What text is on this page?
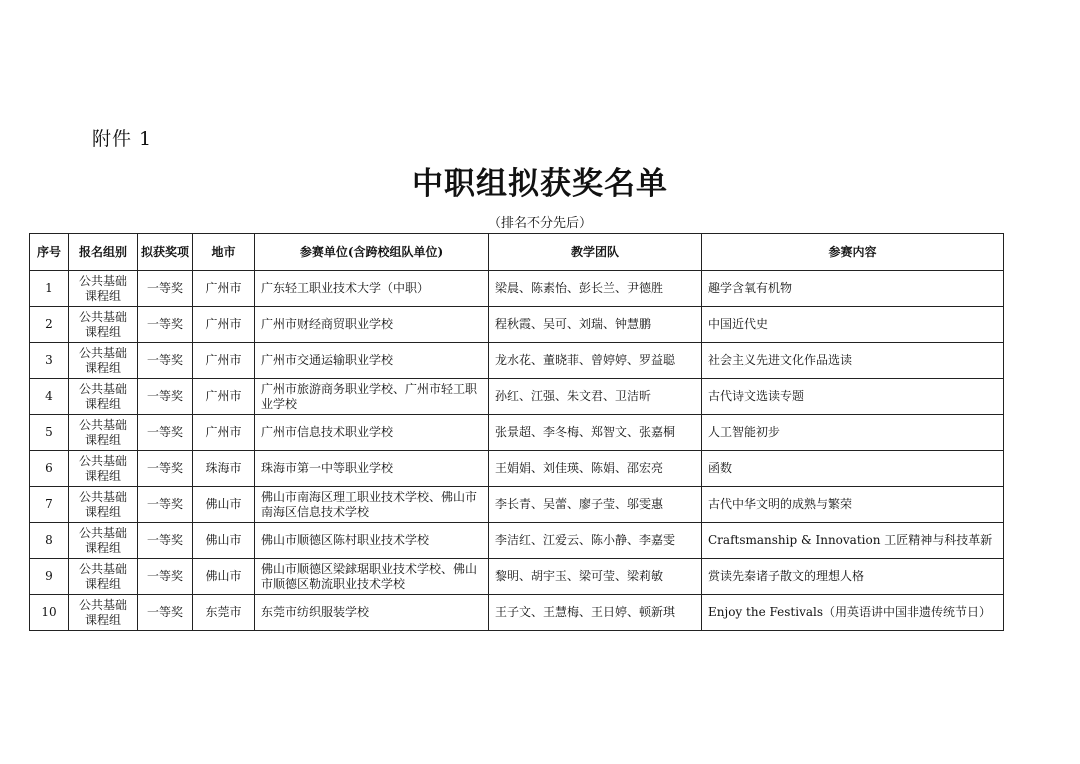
附件 1
中职组拟获奖名单
（排名不分先后）
序号	报名组别	拟获奖项	地市	参赛单位(含跨校组队单位)	教学团队	参赛内容
1	公共基础课程组	一等奖	广州市	广东轻工职业技术大学（中职）	梁晨、陈素怡、彭长兰、尹德胜	趣学含氧有机物
2	公共基础课程组	一等奖	广州市	广州市财经商贸职业学校	程秋霞、吴可、刘瑞、钟慧鹏	中国近代史
3	公共基础课程组	一等奖	广州市	广州市交通运输职业学校	龙水花、董晓菲、曾婷婷、罗益聪	社会主义先进文化作品选读
4	公共基础课程组	一等奖	广州市	广州市旅游商务职业学校、广州市轻工职业学校	孙红、江强、朱文君、卫洁昕	古代诗文选读专题
5	公共基础课程组	一等奖	广州市	广州市信息技术职业学校	张景超、李冬梅、郑智文、张嘉桐	人工智能初步
6	公共基础课程组	一等奖	珠海市	珠海市第一中等职业学校	王娟娟、刘佳瑛、陈娟、邵宏亮	函数
7	公共基础课程组	一等奖	佛山市	佛山市南海区理工职业技术学校、佛山市南海区信息技术学校	李长青、吴蕾、廖子莹、邬雯惠	古代中华文明的成熟与繁荣
8	公共基础课程组	一等奖	佛山市	佛山市顺德区陈村职业技术学校	李洁红、江爱云、陈小静、李嘉雯	Craftsmanship & Innovation 工匠精神与科技革新
9	公共基础课程组	一等奖	佛山市	佛山市顺德区梁銶琚职业技术学校、佛山市顺德区勒流职业技术学校	黎明、胡宇玉、梁可莹、梁莉敏	赏读先秦诸子散文的理想人格
10	公共基础课程组	一等奖	东莞市	东莞市纺织服装学校	王子文、王慧梅、王日婷、顿新琪	Enjoy the Festivals（用英语讲中国非遗传统节日）
